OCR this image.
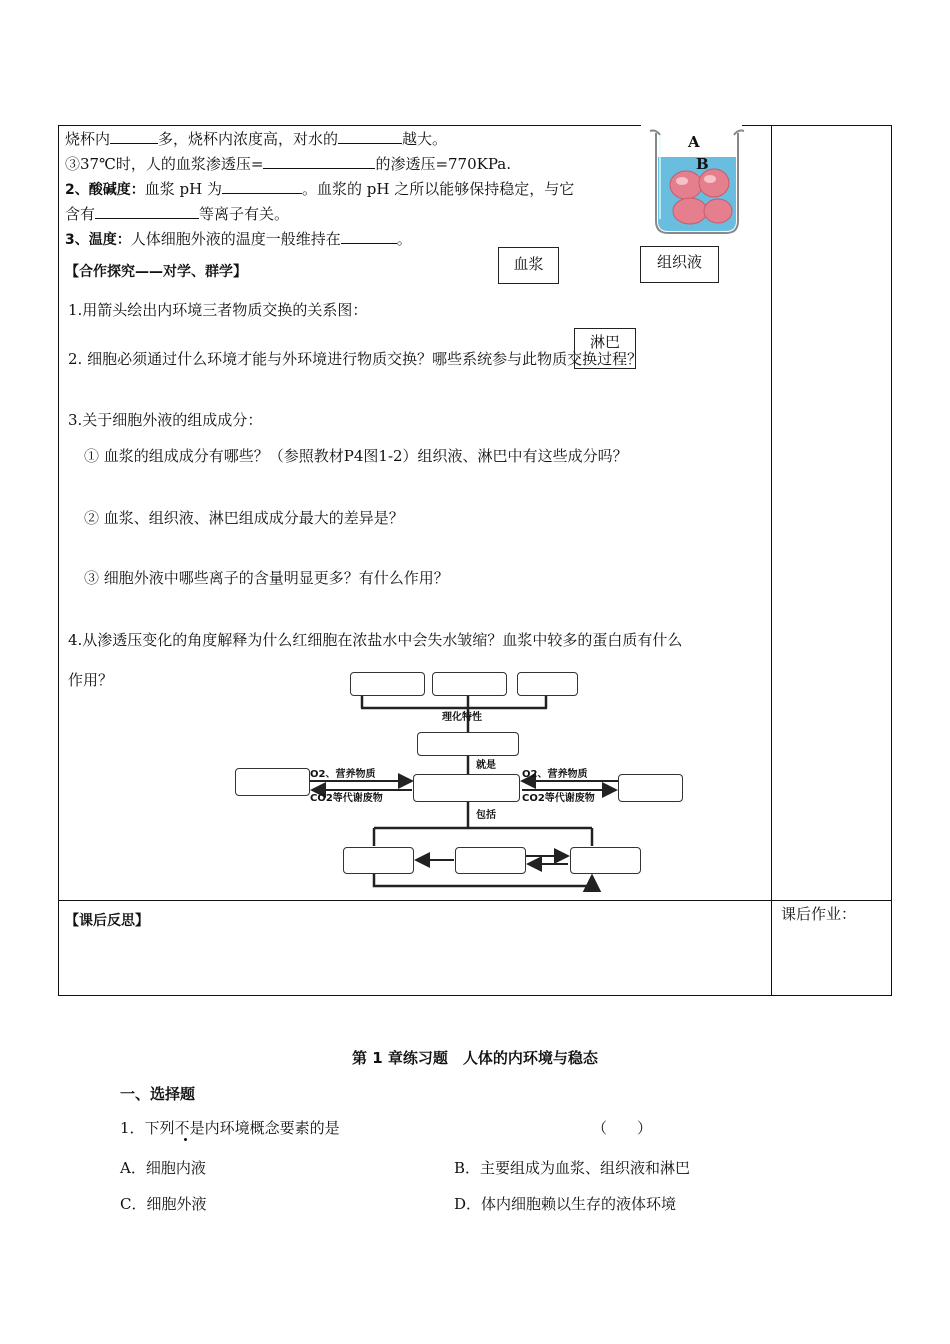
烧杯内	多，烧杯内浓度高，对水的	越大。
③37℃时，人的血浆渗透压=	的渗透压=770KPa.
2、酸碱度：血浆 pH 为	。血浆的 pH 之所以能够保持稳定，与它
含有	等离子有关。
3、温度：人体细胞外液的温度一般维持在	。
A
B
血浆	组织液
淋巴
【合作探究——对学、群学】
1.用箭头绘出内环境三者物质交换的关系图：
2. 细胞必须通过什么环境才能与外环境进行物质交换？哪些系统参与此物质交换过程？
3.关于细胞外液的组成成分：
① 血浆的组成成分有哪些？（参照教材P4图1-2）组织液、淋巴中有这些成分吗？
② 血浆、组织液、淋巴组成成分最大的差异是？
③ 细胞外液中哪些离子的含量明显更多？有什么作用？
4.从渗透压变化的角度解释为什么红细胞在浓盐水中会失水皱缩？血浆中较多的蛋白质有什么
作用？
理化特性
就是
包括
O2、营养物质
CO2等代谢废物
O2、营养物质
CO2等代谢废物
【课后反思】	课后作业：
第 1 章练习题　人体的内环境与稳态
一、选择题
1．下列不是内环境概念要素的是	（　　）
A．细胞内液	B．主要组成为血浆、组织液和淋巴
C．细胞外液	D．体内细胞赖以生存的液体环境
